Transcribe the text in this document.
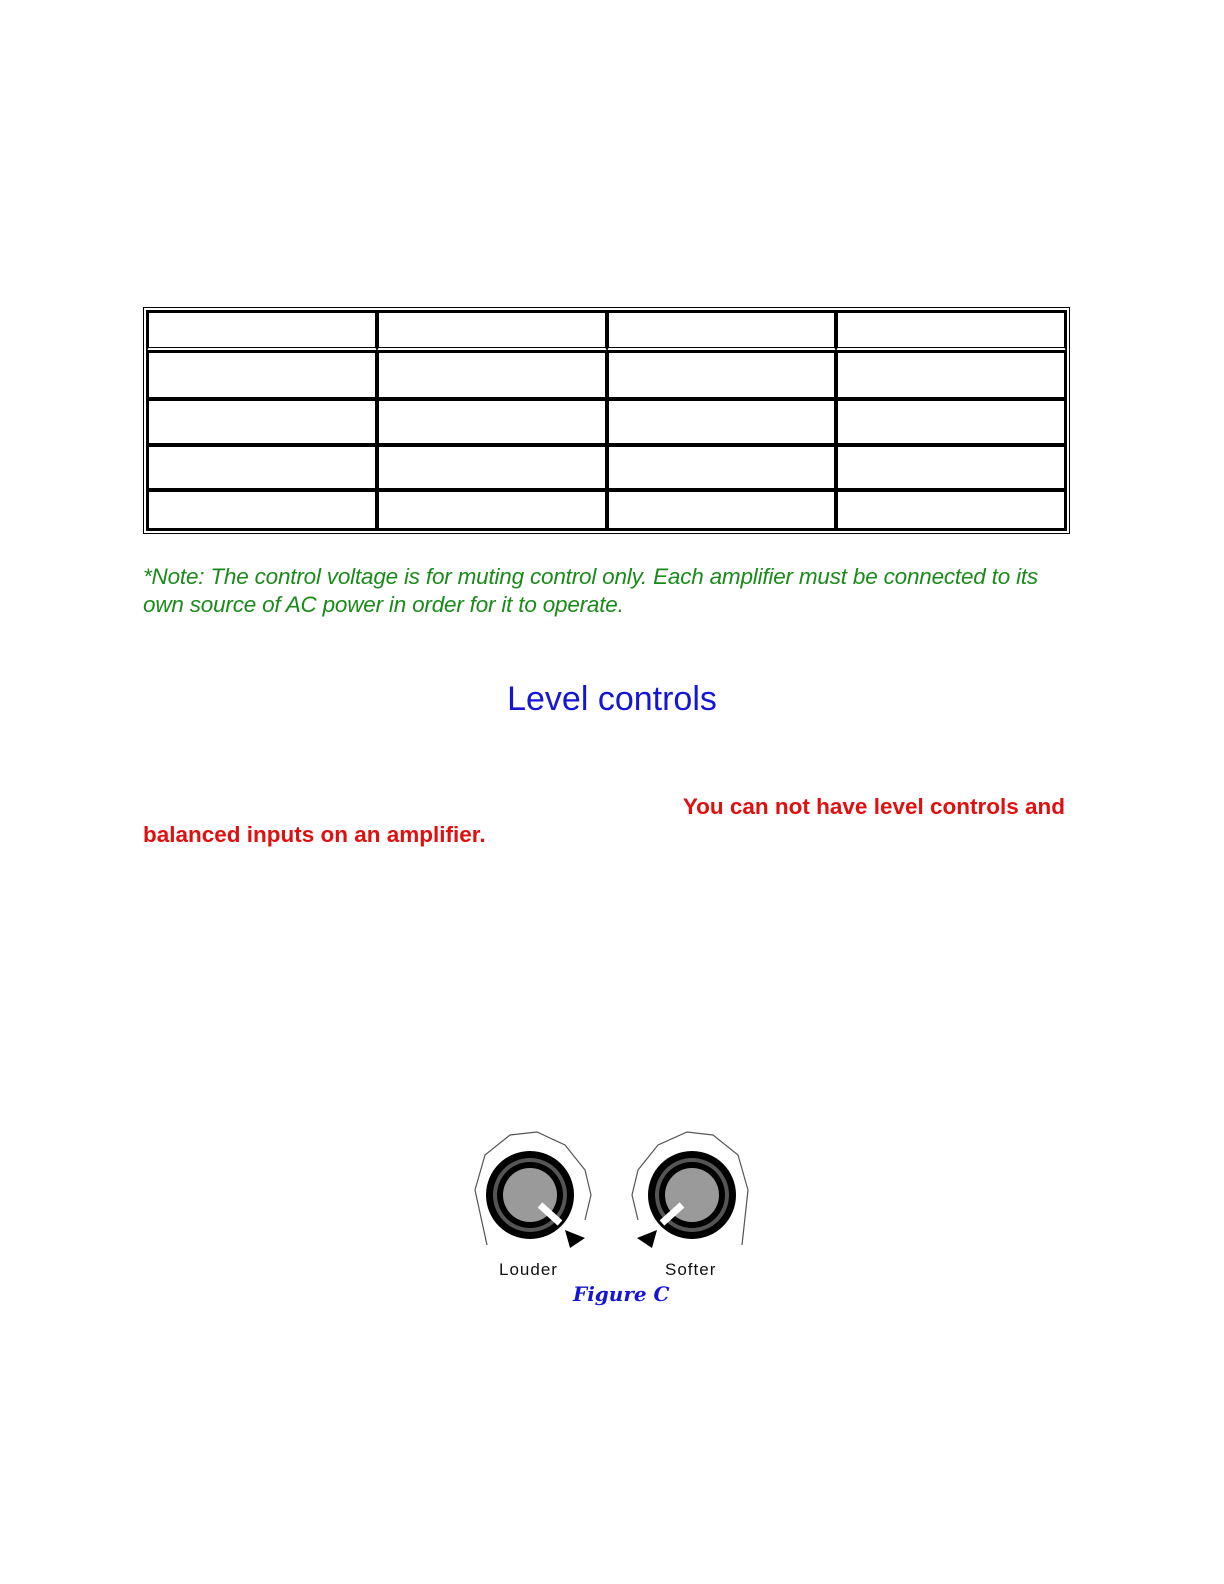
*Note: The control voltage is for muting control only. Each amplifier must be connected to its own source of AC power in order for it to operate.

Level controls

You can not have level controls and
balanced inputs on an amplifier.

Louder	Softer
Figure C
